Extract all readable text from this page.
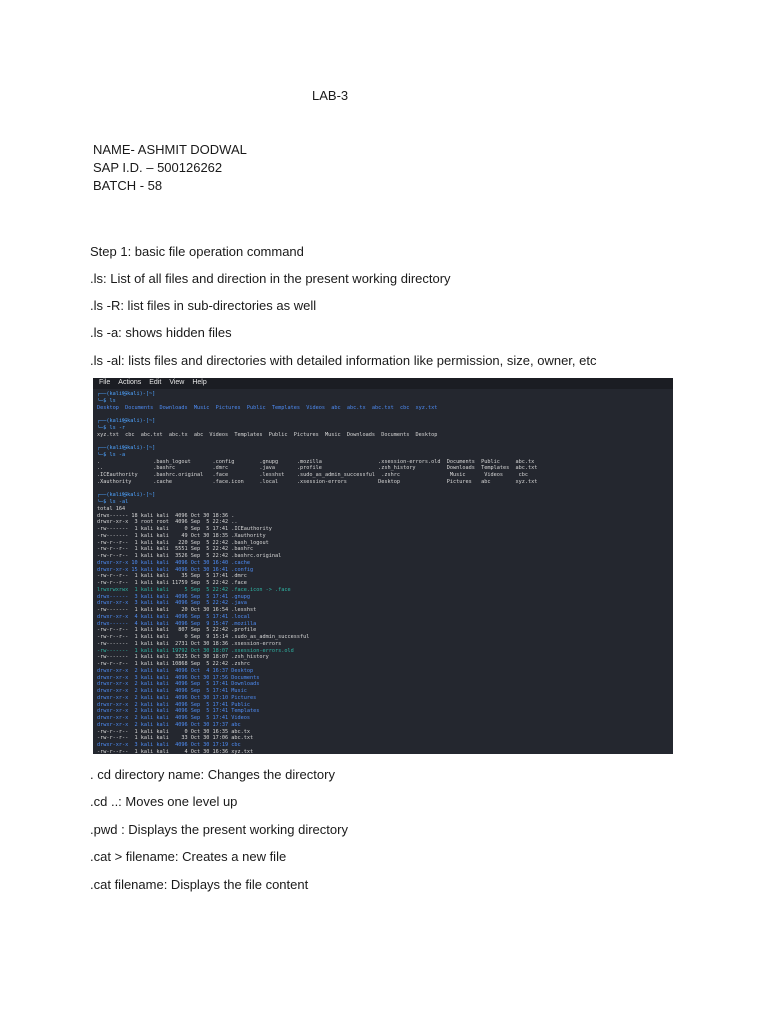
LAB-3
NAME- ASHMIT DODWAL
SAP I.D. – 500126262
BATCH - 58
Step 1: basic file operation command
.ls: List of all files and direction in the present working directory
.ls -R: list files in sub-directories as well
.ls -a: shows hidden files
.ls -al: lists files and directories with detailed information like permission, size, owner, etc
File Actions Edit View Help
┌──(kali㉿kali)-[~]
└─$ ls
Desktop  Documents  Downloads  Music  Pictures  Public  Templates  Videos  abc  abc.tx  abc.txt  cbc  xyz.txt
┌──(kali㉿kali)-[~]
└─$ ls -r
xyz.txt  cbc  abc.txt  abc.tx  abc  Videos  Templates  Public  Pictures  Music  Downloads  Documents  Desktop
┌──(kali㉿kali)-[~]
└─$ ls -a
.                 .bash_logout       .config        .gnupg      .mozilla                  .xsession-errors.old  Documents  Public     abc.tx
..                .bashrc            .dmrc          .java       .profile                  .zsh_history          Downloads  Templates  abc.txt
.ICEauthority     .bashrc.original   .face          .lesshst    .sudo_as_admin_successful  .zshrc                Music      Videos     cbc
.Xauthority       .cache             .face.icon     .local      .xsession-errors          Desktop               Pictures   abc        xyz.txt
┌──(kali㉿kali)-[~]
└─$ ls -al
total 164
drwx------ 18 kali kali  4096 Oct 30 18:36 .
drwxr-xr-x  3 root root  4096 Sep  5 22:42 ..
-rw-------  1 kali kali     0 Sep  5 17:41 .ICEauthority
-rw-------  1 kali kali    49 Oct 30 18:35 .Xauthority
-rw-r--r--  1 kali kali   220 Sep  5 22:42 .bash_logout
-rw-r--r--  1 kali kali  5551 Sep  5 22:42 .bashrc
-rw-r--r--  1 kali kali  3526 Sep  5 22:42 .bashrc.original
drwxr-xr-x 10 kali kali  4096 Oct 30 16:40 .cache
drwxr-xr-x 15 kali kali  4096 Oct 30 16:41 .config
-rw-r--r--  1 kali kali    35 Sep  5 17:41 .dmrc
-rw-r--r--  1 kali kali 11759 Sep  5 22:42 .face
lrwxrwxrwx  1 kali kali     5 Sep  5 22:42 .face.icon -> .face
drwx------  3 kali kali  4096 Sep  5 17:41 .gnupg
drwxr-xr-x  3 kali kali  4096 Sep  5 22:42 .java
-rw-------  1 kali kali    20 Oct 30 16:54 .lesshst
drwxr-xr-x  4 kali kali  4096 Sep  5 17:41 .local
drwx------  4 kali kali  4096 Sep  9 15:47 .mozilla
-rw-r--r--  1 kali kali   807 Sep  5 22:42 .profile
-rw-r--r--  1 kali kali     0 Sep  9 15:14 .sudo_as_admin_successful
-rw-------  1 kali kali  2731 Oct 30 18:36 .xsession-errors
-rw-------  1 kali kali 19792 Oct 30 18:07 .xsession-errors.old
-rw-------  1 kali kali  3525 Oct 30 18:07 .zsh_history
-rw-r--r--  1 kali kali 10868 Sep  5 22:42 .zshrc
drwxr-xr-x  2 kali kali  4096 Oct  4 16:37 Desktop
drwxr-xr-x  3 kali kali  4096 Oct 30 17:56 Documents
drwxr-xr-x  2 kali kali  4096 Sep  5 17:41 Downloads
drwxr-xr-x  2 kali kali  4096 Sep  5 17:41 Music
drwxr-xr-x  2 kali kali  4096 Oct 30 17:10 Pictures
drwxr-xr-x  2 kali kali  4096 Sep  5 17:41 Public
drwxr-xr-x  2 kali kali  4096 Sep  5 17:41 Templates
drwxr-xr-x  2 kali kali  4096 Sep  5 17:41 Videos
drwxr-xr-x  2 kali kali  4096 Oct 30 17:37 abc
-rw-r--r--  1 kali kali     0 Oct 30 16:35 abc.tx
-rw-r--r--  1 kali kali    33 Oct 30 17:06 abc.txt
drwxr-xr-x  3 kali kali  4096 Oct 30 17:19 cbc
-rw-r--r--  1 kali kali     4 Oct 30 16:36 xyz.txt
. cd directory name: Changes the directory
.cd ..: Moves one level up
.pwd : Displays the present working directory
.cat > filename: Creates a new file
.cat filename: Displays the file content
